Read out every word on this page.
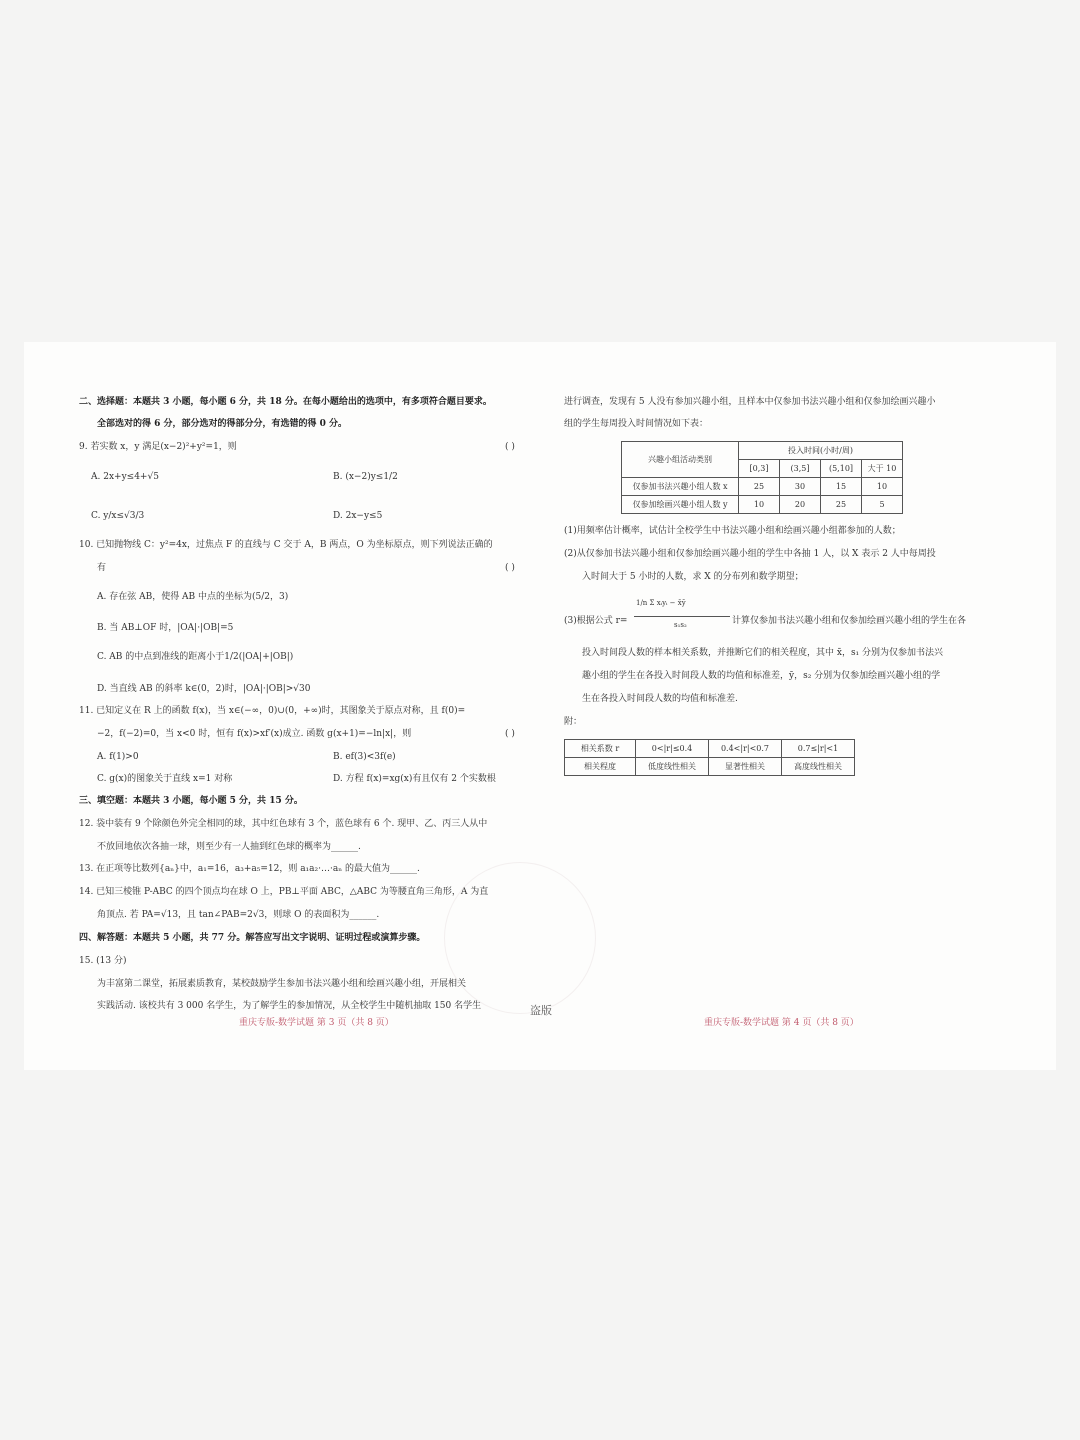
二、选择题：本题共 3 小题，每小题 6 分，共 18 分。在每小题给出的选项中，有多项符合题目要求。
全部选对的得 6 分，部分选对的得部分分，有选错的得 0 分。
9. 若实数 x，y 满足(x−2)²+y²=1，则	( )
A. 2x+y≤4+√5	B. (x−2)y≤1/2
C. y/x≤√3/3	D. 2x−y≤5
10. 已知抛物线 C：y²=4x，过焦点 F 的直线与 C 交于 A，B 两点，O 为坐标原点，则下列说法正确的
有	( )
A. 存在弦 AB，使得 AB 中点的坐标为(5/2，3)
B. 当 AB⊥OF 时，|OA|·|OB|=5
C. AB 的中点到准线的距离小于1/2(|OA|+|OB|)
D. 当直线 AB 的斜率 k∈(0，2)时，|OA|·|OB|>√30
11. 已知定义在 R 上的函数 f(x)，当 x∈(−∞，0)∪(0，+∞)时，其图象关于原点对称，且 f(0)=
−2，f(−2)=0，当 x<0 时，恒有 f(x)>xf′(x)成立. 函数 g(x+1)=−ln|x|，则	( )
A. f(1)>0	B. ef(3)<3f(e)
C. g(x)的图象关于直线 x=1 对称	D. 方程 f(x)=xg(x)有且仅有 2 个实数根
三、填空题：本题共 3 小题，每小题 5 分，共 15 分。
12. 袋中装有 9 个除颜色外完全相同的球，其中红色球有 3 个，蓝色球有 6 个. 现甲、乙、丙三人从中
不放回地依次各抽一球，则至少有一人抽到红色球的概率为______.
13. 在正项等比数列{aₙ}中，a₁=16，a₃+a₅=12，则 a₁a₂·…·aₙ 的最大值为______.
14. 已知三棱锥 P-ABC 的四个顶点均在球 O 上，PB⊥平面 ABC，△ABC 为等腰直角三角形，A 为直
角顶点. 若 PA=√13，且 tan∠PAB=2√3，则球 O 的表面积为______.
四、解答题：本题共 5 小题，共 77 分。解答应写出文字说明、证明过程或演算步骤。
15. (13 分)
为丰富第二课堂，拓展素质教育，某校鼓励学生参加书法兴趣小组和绘画兴趣小组，开展相关
实践活动. 该校共有 3 000 名学生，为了解学生的参加情况，从全校学生中随机抽取 150 名学生
重庆专版-数学试题 第 3 页（共 8 页）
盗版
进行调查，发现有 5 人没有参加兴趣小组，且样本中仅参加书法兴趣小组和仅参加绘画兴趣小
组的学生每周投入时间情况如下表：
兴趣小组活动类别	投入时间(小时/周)			
	[0,3]	(3,5]	(5,10]	大于 10
仅参加书法兴趣小组人数 x	25	30	15	10
仅参加绘画兴趣小组人数 y	10	20	25	5
(1)用频率估计概率，试估计全校学生中书法兴趣小组和绘画兴趣小组都参加的人数；
(2)从仅参加书法兴趣小组和仅参加绘画兴趣小组的学生中各抽 1 人，以 X 表示 2 人中每周投
入时间大于 5 小时的人数，求 X 的分布列和数学期望；
(3)根据公式 r=
1/n Σ xᵢyᵢ − x̄ȳ
s₁s₂	计算仅参加书法兴趣小组和仅参加绘画兴趣小组的学生在各
投入时间段人数的样本相关系数，并推断它们的相关程度，其中 x̄，s₁ 分别为仅参加书法兴
趣小组的学生在各投入时间段人数的均值和标准差，ȳ，s₂ 分别为仅参加绘画兴趣小组的学
生在各投入时间段人数的均值和标准差.
附：
相关系数 r	0<|r|≤0.4	0.4<|r|<0.7	0.7≤|r|<1
相关程度	低度线性相关	显著性相关	高度线性相关
重庆专版-数学试题 第 4 页（共 8 页）
